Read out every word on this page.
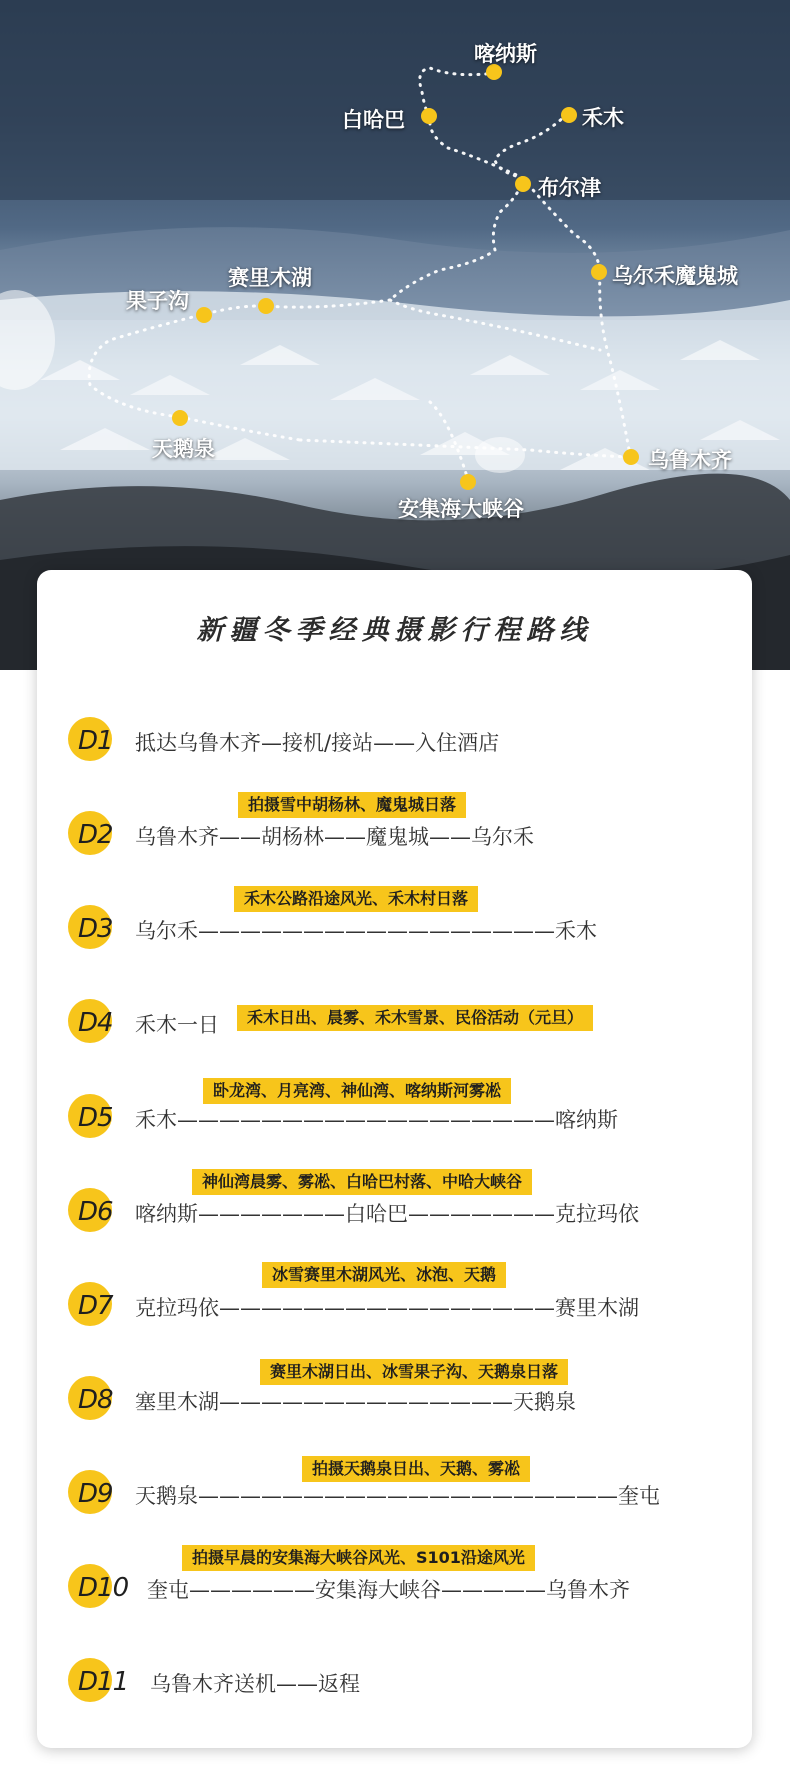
喀纳斯
白哈巴	禾木
布尔津
乌尔禾魔鬼城
赛里木湖
果子沟
天鹅泉	乌鲁木齐
安集海大峡谷
新疆冬季经典摄影行程路线
D1 抵达乌鲁木齐—接机/接站——入住酒店
拍摄雪中胡杨林、魔鬼城日落
D2 乌鲁木齐——胡杨林——魔鬼城——乌尔禾
禾木公路沿途风光、禾木村日落
D3 乌尔禾—————————————————禾木
D4 禾木一日	禾木日出、晨雾、禾木雪景、民俗活动（元旦）
卧龙湾、月亮湾、神仙湾、喀纳斯河雾凇
D5 禾木——————————————————喀纳斯
神仙湾晨雾、雾凇、白哈巴村落、中哈大峡谷
D6 喀纳斯———————白哈巴———————克拉玛依
冰雪赛里木湖风光、冰泡、天鹅
D7 克拉玛依————————————————赛里木湖
赛里木湖日出、冰雪果子沟、天鹅泉日落
D8 塞里木湖——————————————天鹅泉
拍摄天鹅泉日出、天鹅、雾凇
D9 天鹅泉————————————————————奎屯
拍摄早晨的安集海大峡谷风光、S101沿途风光
D10 奎屯——————安集海大峡谷—————乌鲁木齐
D11 乌鲁木齐送机——返程
